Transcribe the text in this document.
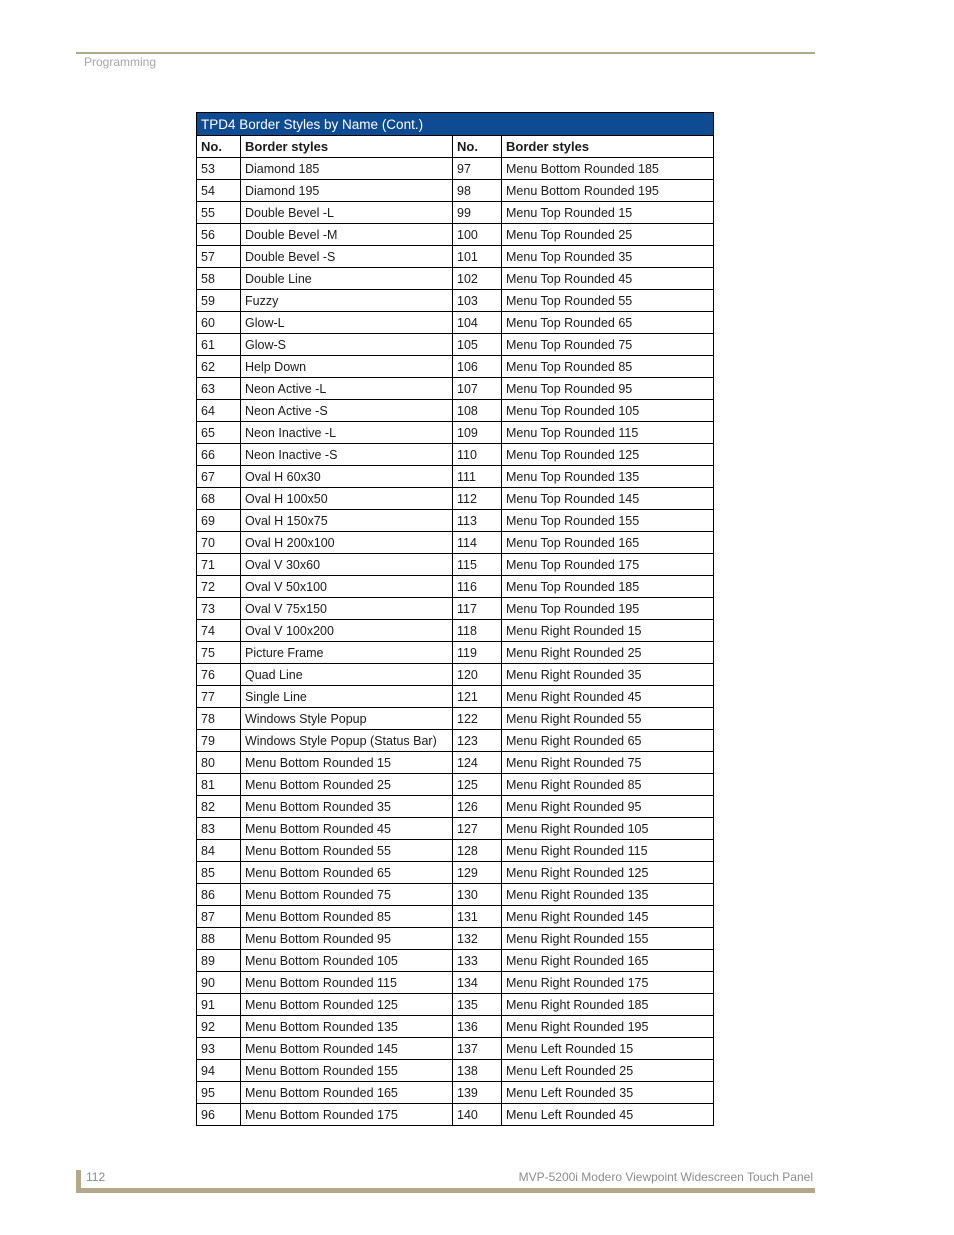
Programming
TPD4 Border Styles by Name (Cont.)			
No.	Border styles	No.	Border styles
53	Diamond 185	97	Menu Bottom Rounded 185
54	Diamond 195	98	Menu Bottom Rounded 195
55	Double Bevel -L	99	Menu Top Rounded 15
56	Double Bevel -M	100	Menu Top Rounded 25
57	Double Bevel -S	101	Menu Top Rounded 35
58	Double Line	102	Menu Top Rounded 45
59	Fuzzy	103	Menu Top Rounded 55
60	Glow-L	104	Menu Top Rounded 65
61	Glow-S	105	Menu Top Rounded 75
62	Help Down	106	Menu Top Rounded 85
63	Neon Active -L	107	Menu Top Rounded 95
64	Neon Active -S	108	Menu Top Rounded 105
65	Neon Inactive -L	109	Menu Top Rounded 115
66	Neon Inactive -S	110	Menu Top Rounded 125
67	Oval H 60x30	111	Menu Top Rounded 135
68	Oval H 100x50	112	Menu Top Rounded 145
69	Oval H 150x75	113	Menu Top Rounded 155
70	Oval H 200x100	114	Menu Top Rounded 165
71	Oval V 30x60	115	Menu Top Rounded 175
72	Oval V 50x100	116	Menu Top Rounded 185
73	Oval V 75x150	117	Menu Top Rounded 195
74	Oval V 100x200	118	Menu Right Rounded 15
75	Picture Frame	119	Menu Right Rounded 25
76	Quad Line	120	Menu Right Rounded 35
77	Single Line	121	Menu Right Rounded 45
78	Windows Style Popup	122	Menu Right Rounded 55
79	Windows Style Popup (Status Bar)	123	Menu Right Rounded 65
80	Menu Bottom Rounded 15	124	Menu Right Rounded 75
81	Menu Bottom Rounded 25	125	Menu Right Rounded 85
82	Menu Bottom Rounded 35	126	Menu Right Rounded 95
83	Menu Bottom Rounded 45	127	Menu Right Rounded 105
84	Menu Bottom Rounded 55	128	Menu Right Rounded 115
85	Menu Bottom Rounded 65	129	Menu Right Rounded 125
86	Menu Bottom Rounded 75	130	Menu Right Rounded 135
87	Menu Bottom Rounded 85	131	Menu Right Rounded 145
88	Menu Bottom Rounded 95	132	Menu Right Rounded 155
89	Menu Bottom Rounded 105	133	Menu Right Rounded 165
90	Menu Bottom Rounded 115	134	Menu Right Rounded 175
91	Menu Bottom Rounded 125	135	Menu Right Rounded 185
92	Menu Bottom Rounded 135	136	Menu Right Rounded 195
93	Menu Bottom Rounded 145	137	Menu Left Rounded 15
94	Menu Bottom Rounded 155	138	Menu Left Rounded 25
95	Menu Bottom Rounded 165	139	Menu Left Rounded 35
96	Menu Bottom Rounded 175	140	Menu Left Rounded 45
112	MVP-5200i Modero Viewpoint Widescreen Touch Panel
